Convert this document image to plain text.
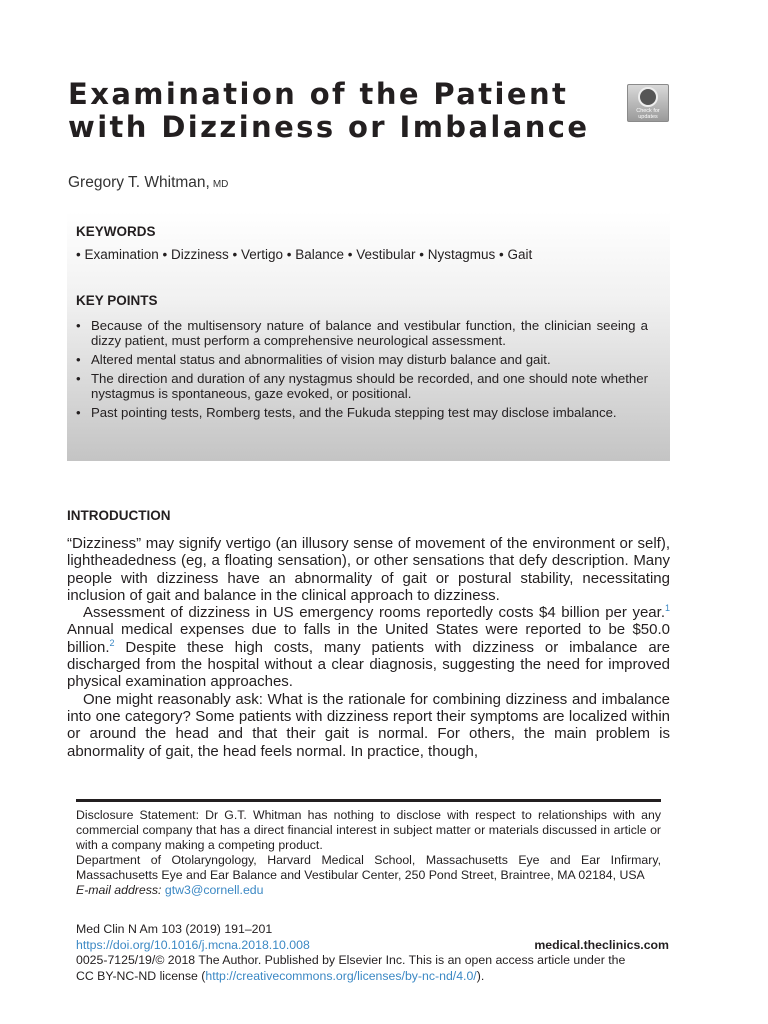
Examination of the Patient
with Dizziness or Imbalance	Check for updates
Gregory T. Whitman, MD
KEYWORDS
• Examination • Dizziness • Vertigo • Balance • Vestibular • Nystagmus • Gait
KEY POINTS
• Because of the multisensory nature of balance and vestibular function, the clinician seeing a dizzy patient, must perform a comprehensive neurological assessment.
• Altered mental status and abnormalities of vision may disturb balance and gait.
• The direction and duration of any nystagmus should be recorded, and one should note whether nystagmus is spontaneous, gaze evoked, or positional.
• Past pointing tests, Romberg tests, and the Fukuda stepping test may disclose imbalance.
INTRODUCTION

“Dizziness” may signify vertigo (an illusory sense of movement of the environment or self), lightheadedness (eg, a floating sensation), or other sensations that defy description. Many people with dizziness have an abnormality of gait or postural stability, necessitating inclusion of gait and balance in the clinical approach to dizziness.

Assessment of dizziness in US emergency rooms reportedly costs $4 billion per year.$^1$ Annual medical expenses due to falls in the United States were reported to be $50.0 billion.$^2$ Despite these high costs, many patients with dizziness or imbalance are discharged from the hospital without a clear diagnosis, suggesting the need for improved physical examination approaches.

One might reasonably ask: What is the rationale for combining dizziness and imbalance into one category? Some patients with dizziness report their symptoms are localized within or around the head and that their gait is normal. For others, the main problem is abnormality of gait, the head feels normal. In practice, though,

Disclosure Statement: Dr G.T. Whitman has nothing to disclose with respect to relationships with any commercial company that has a direct financial interest in subject matter or materials discussed in article or with a company making a competing product.

Department of Otolaryngology, Harvard Medical School, Massachusetts Eye and Ear Infirmary, Massachusetts Eye and Ear Balance and Vestibular Center, 250 Pond Street, Braintree, MA 02184, USA

E-mail address: gtw3@cornell.edu

Med Clin N Am 103 (2019) 191–201

https://doi.org/10.1016/j.mcna.2018.10.008	medical.theclinics.com

0025-7125/19/© 2018 The Author. Published by Elsevier Inc. This is an open access article under the

CC BY-NC-ND license (http://creativecommons.org/licenses/by-nc-nd/4.0/).
